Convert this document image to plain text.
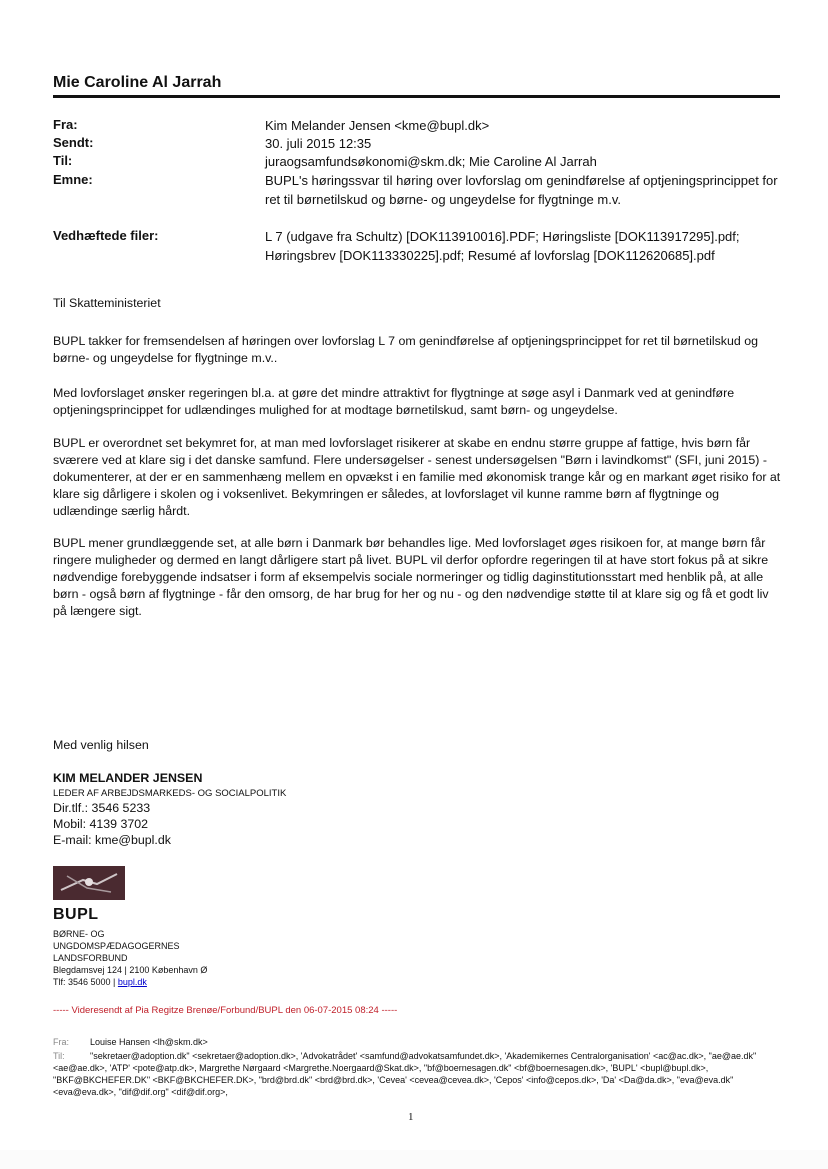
Mie Caroline Al Jarrah
Fra:	Kim Melander Jensen <kme@bupl.dk>
Sendt:	30. juli 2015 12:35
Til:	juraogsamfundsøkonomi@skm.dk; Mie Caroline Al Jarrah
Emne:	BUPL's høringssvar til høring over lovforslag om genindførelse af optjeningsprincippet for ret til børnetilskud og børne- og ungeydelse for flygtninge m.v.
Vedhæftede filer:	L 7 (udgave fra Schultz) [DOK113910016].PDF; Høringsliste [DOK113917295].pdf; Høringsbrev [DOK113330225].pdf; Resumé af lovforslag [DOK112620685].pdf
Til Skatteministeriet
BUPL takker for fremsendelsen af høringen over lovforslag L 7 om genindførelse af optjeningsprincippet for ret til børnetilskud og børne- og ungeydelse for flygtninge m.v..
Med lovforslaget ønsker regeringen bl.a. at gøre det mindre attraktivt for flygtninge at søge asyl i Danmark ved at genindføre optjeningsprincippet for udlændinges mulighed for at modtage børnetilskud, samt børn- og ungeydelse.
BUPL er overordnet set bekymret for, at man med lovforslaget risikerer at skabe en endnu større gruppe af fattige, hvis børn får sværere ved at klare sig i det danske samfund. Flere undersøgelser - senest undersøgelsen "Børn i lavindkomst" (SFI, juni 2015) - dokumenterer, at der er en sammenhæng mellem en opvækst i en familie med økonomisk trange kår og en markant øget risiko for at klare sig dårligere i skolen og i voksenlivet. Bekymringen er således, at lovforslaget vil kunne ramme børn af flygtninge og udlændinge særlig hårdt.
BUPL mener grundlæggende set, at alle børn i Danmark bør behandles lige. Med lovforslaget øges risikoen for, at mange børn får ringere muligheder og dermed en langt dårligere start på livet. BUPL vil derfor opfordre regeringen til at have stort fokus på at sikre nødvendige forebyggende indsatser i form af eksempelvis sociale normeringer og tidlig daginstitutionsstart med henblik på, at alle børn - også børn af flygtninge - får den omsorg, de har brug for her og nu - og den nødvendige støtte til at klare sig og få et godt liv på længere sigt.
Med venlig hilsen
KIM MELANDER JENSEN
LEDER AF ARBEJDSMARKEDS- OG SOCIALPOLITIK
Dir.tlf.: 3546 5233
Mobil: 4139 3702
E-mail: kme@bupl.dk
BUPL
BØRNE- OG
UNGDOMSPÆDAGOGERNES
LANDSFORBUND
Blegdamsvej 124 | 2100 København Ø
Tlf: 3546 5000 | bupl.dk
----- Videresendt af Pia Regitze Brenøe/Forbund/BUPL den 06-07-2015 08:24 -----
Fra: Louise Hansen <lh@skm.dk>
Til:	"sekretaer@adoption.dk" <sekretaer@adoption.dk>, 'Advokatrådet' <samfund@advokatsamfundet.dk>, 'Akademikernes Centralorganisation' <ac@ac.dk>, "ae@ae.dk" <ae@ae.dk>, 'ATP' <pote@atp.dk>, Margrethe Nørgaard <Margrethe.Noergaard@Skat.dk>, "bf@boernesagen.dk" <bf@boernesagen.dk>, 'BUPL' <bupl@bupl.dk>, "BKF@BKCHEFER.DK" <BKF@BKCHEFER.DK>, "brd@brd.dk" <brd@brd.dk>, 'Cevea' <cevea@cevea.dk>, 'Cepos' <info@cepos.dk>, 'Da' <Da@da.dk>, "eva@eva.dk" <eva@eva.dk>, "dif@dif.org" <dif@dif.org>,
1
